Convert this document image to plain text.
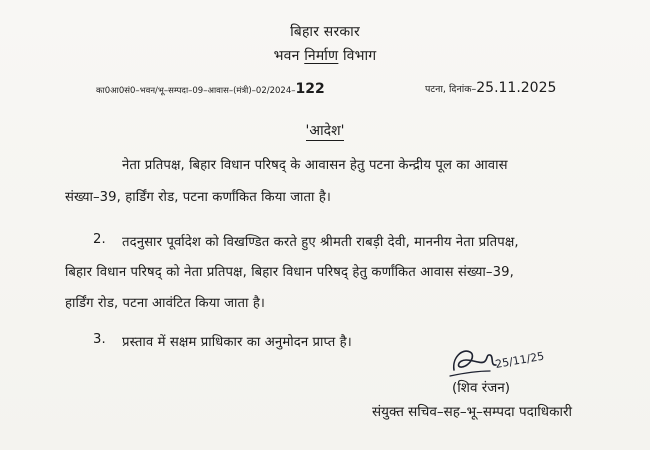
बिहार सरकार
भवन निर्माण विभाग
का0आ0सं0–भवन/भू–सम्पदा–09–आवास–(मंत्री)–02/2024–122	पटना, दिनांक–25.11.2025
'आदेश'
नेता प्रतिपक्ष, बिहार विधान परिषद् के आवासन हेतु पटना केन्द्रीय पूल का आवास
संख्या–39, हार्डिंग रोड, पटना कर्णांकित किया जाता है।
2. तदनुसार पूर्वादेश को विखण्डित करते हुए श्रीमती राबड़ी देवी, माननीय नेता प्रतिपक्ष,
बिहार विधान परिषद् को नेता प्रतिपक्ष, बिहार विधान परिषद् हेतु कर्णांकित आवास संख्या–39,
हार्डिंग रोड, पटना आवंटित किया जाता है।
3. प्रस्ताव में सक्षम प्राधिकार का अनुमोदन प्राप्त है।
25/11/25
(शिव रंजन)
संयुक्त सचिव–सह–भू–सम्पदा पदाधिकारी
